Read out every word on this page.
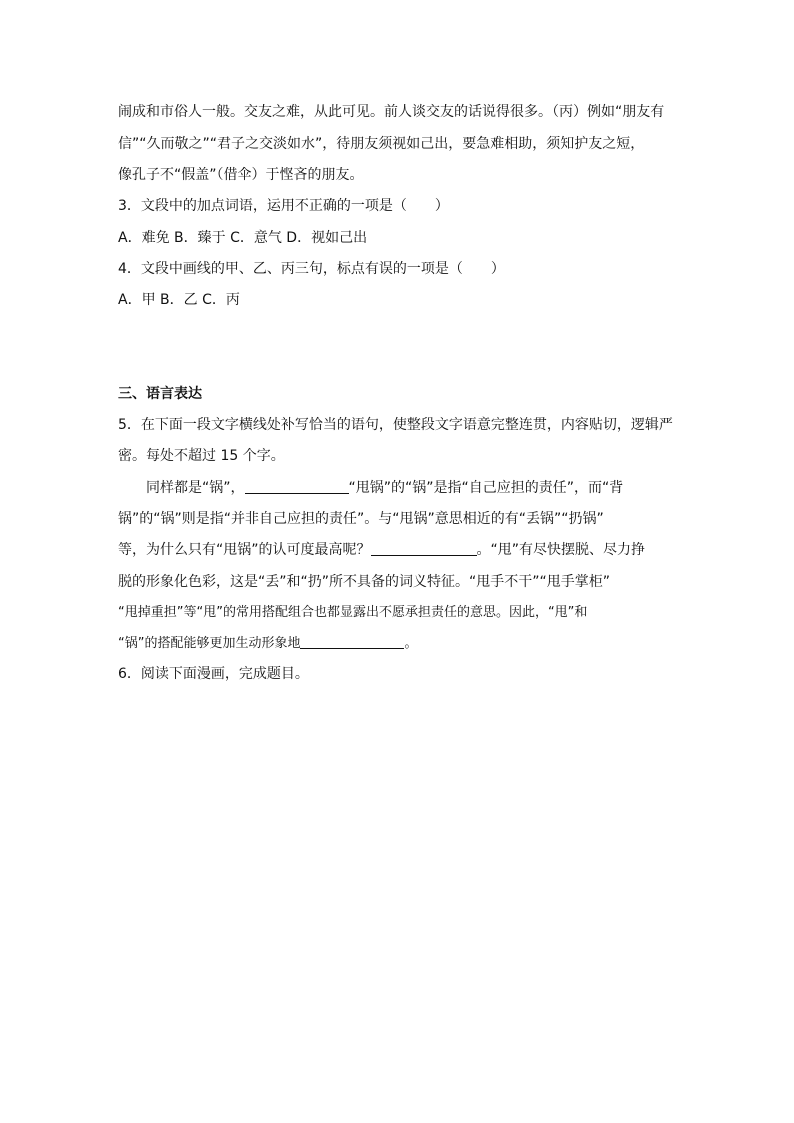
闹成和市俗人一般。交友之难，从此可见。前人谈交友的话说得很多。（丙）例如“朋友有
信”“久而敬之”“君子之交淡如水”，待朋友须视如己出，要急难相助，须知护友之短，
像孔子不“假盖”（借伞）于悭吝的朋友。
3．文段中的加点词语，运用不正确的一项是（　　）
A．难免 B．臻于 C．意气 D．视如己出
4．文段中画线的甲、乙、丙三句，标点有误的一项是（　　）
A．甲 B．乙 C．丙
三、语言表达
5．在下面一段文字横线处补写恰当的语句，使整段文字语意完整连贯，内容贴切，逻辑严
密。每处不超过 15 个字。
同样都是“锅”，	“甩锅”的“锅”是指“自己应担的责任”，而“背
锅”的“锅”则是指“并非自己应担的责任”。与“甩锅”意思相近的有“丢锅”“扔锅”
等，为什么只有“甩锅”的认可度最高呢？	。“甩”有尽快摆脱、尽力挣
脱的形象化色彩，这是“丢”和“扔”所不具备的词义特征。“甩手不干”“甩手掌柜”
“甩掉重担”等“甩”的常用搭配组合也都显露出不愿承担责任的意思。因此，“甩”和
“锅”的搭配能够更加生动形象地	。
6．阅读下面漫画，完成题目。
